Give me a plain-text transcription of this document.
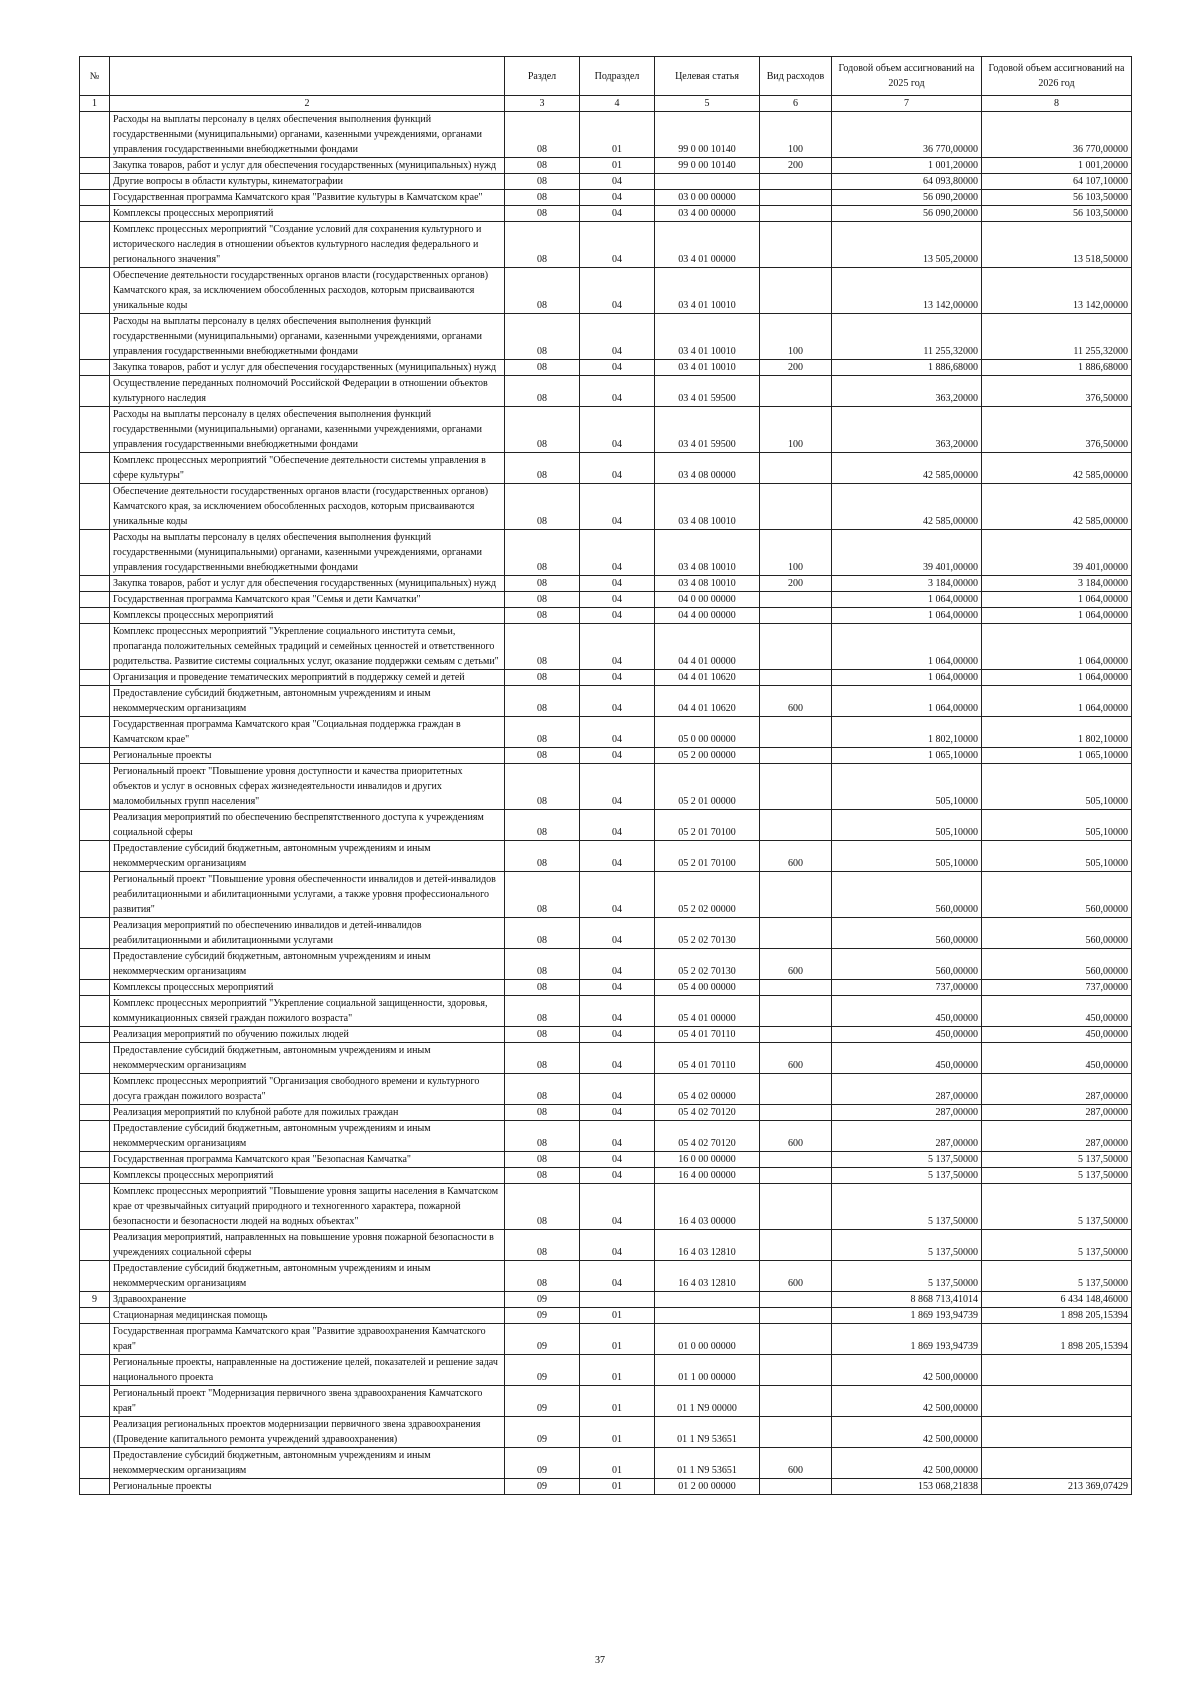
№		Раздел	Подраздел	Целевая статья	Вид расходов	Годовой объем ассигнований на 2025 год	Годовой объем ассигнований на 2026 год
1	2	3	4	5	6	7	8
	Расходы на выплаты персоналу в целях обеспечения выполнения функций государственными (муниципальными) органами, казенными учреждениями, органами управления государственными внебюджетными фондами	08	01	99 0 00 10140	100	36 770,00000	36 770,00000
	Закупка товаров, работ и услуг для обеспечения государственных (муниципальных) нужд	08	01	99 0 00 10140	200	1 001,20000	1 001,20000
	Другие вопросы в области культуры, кинематографии	08	04			64 093,80000	64 107,10000
	Государственная программа Камчатского края "Развитие культуры в Камчатском крае"	08	04	03 0 00 00000		56 090,20000	56 103,50000
	Комплексы процессных мероприятий	08	04	03 4 00 00000		56 090,20000	56 103,50000
	Комплекс процессных мероприятий "Создание условий для сохранения культурного и исторического наследия в отношении объектов культурного наследия федерального и регионального значения"	08	04	03 4 01 00000		13 505,20000	13 518,50000
	Обеспечение деятельности государственных органов власти (государственных органов) Камчатского края, за исключением обособленных расходов, которым присваиваются уникальные коды	08	04	03 4 01 10010		13 142,00000	13 142,00000
	Расходы на выплаты персоналу в целях обеспечения выполнения функций государственными (муниципальными) органами, казенными учреждениями, органами управления государственными внебюджетными фондами	08	04	03 4 01 10010	100	11 255,32000	11 255,32000
	Закупка товаров, работ и услуг для обеспечения государственных (муниципальных) нужд	08	04	03 4 01 10010	200	1 886,68000	1 886,68000
	Осуществление переданных полномочий Российской Федерации в отношении объектов культурного наследия	08	04	03 4 01 59500		363,20000	376,50000
	Расходы на выплаты персоналу в целях обеспечения выполнения функций государственными (муниципальными) органами, казенными учреждениями, органами управления государственными внебюджетными фондами	08	04	03 4 01 59500	100	363,20000	376,50000
	Комплекс процессных мероприятий "Обеспечение деятельности системы управления в сфере культуры"	08	04	03 4 08 00000		42 585,00000	42 585,00000
	Обеспечение деятельности государственных органов власти (государственных органов) Камчатского края, за исключением обособленных расходов, которым присваиваются уникальные коды	08	04	03 4 08 10010		42 585,00000	42 585,00000
	Расходы на выплаты персоналу в целях обеспечения выполнения функций государственными (муниципальными) органами, казенными учреждениями, органами управления государственными внебюджетными фондами	08	04	03 4 08 10010	100	39 401,00000	39 401,00000
	Закупка товаров, работ и услуг для обеспечения государственных (муниципальных) нужд	08	04	03 4 08 10010	200	3 184,00000	3 184,00000
	Государственная программа Камчатского края "Семья и дети Камчатки"	08	04	04 0 00 00000		1 064,00000	1 064,00000
	Комплексы процессных мероприятий	08	04	04 4 00 00000		1 064,00000	1 064,00000
	Комплекс процессных мероприятий "Укрепление социального института семьи, пропаганда положительных семейных традиций и семейных ценностей и ответственного родительства. Развитие системы социальных услуг, оказание поддержки семьям с детьми"	08	04	04 4 01 00000		1 064,00000	1 064,00000
	Организация и проведение тематических мероприятий в поддержку семей и детей	08	04	04 4 01 10620		1 064,00000	1 064,00000
	Предоставление субсидий бюджетным, автономным учреждениям и иным некоммерческим организациям	08	04	04 4 01 10620	600	1 064,00000	1 064,00000
	Государственная программа Камчатского края "Социальная поддержка граждан в Камчатском крае"	08	04	05 0 00 00000		1 802,10000	1 802,10000
	Региональные проекты	08	04	05 2 00 00000		1 065,10000	1 065,10000
	Региональный проект "Повышение уровня доступности и качества приоритетных объектов и услуг в основных сферах жизнедеятельности инвалидов и других маломобильных групп населения"	08	04	05 2 01 00000		505,10000	505,10000
	Реализация мероприятий по обеспечению беспрепятственного доступа к учреждениям социальной сферы	08	04	05 2 01 70100		505,10000	505,10000
	Предоставление субсидий бюджетным, автономным учреждениям и иным некоммерческим организациям	08	04	05 2 01 70100	600	505,10000	505,10000
	Региональный проект "Повышение уровня обеспеченности инвалидов и детей-инвалидов реабилитационными и абилитационными услугами, а также уровня профессионального развития"	08	04	05 2 02 00000		560,00000	560,00000
	Реализация мероприятий по обеспечению инвалидов и детей-инвалидов реабилитационными и абилитационными услугами	08	04	05 2 02 70130		560,00000	560,00000
	Предоставление субсидий бюджетным, автономным учреждениям и иным некоммерческим организациям	08	04	05 2 02 70130	600	560,00000	560,00000
	Комплексы процессных мероприятий	08	04	05 4 00 00000		737,00000	737,00000
	Комплекс процессных мероприятий "Укрепление социальной защищенности, здоровья, коммуникационных связей граждан пожилого возраста"	08	04	05 4 01 00000		450,00000	450,00000
	Реализация мероприятий по обучению пожилых людей	08	04	05 4 01 70110		450,00000	450,00000
	Предоставление субсидий бюджетным, автономным учреждениям и иным некоммерческим организациям	08	04	05 4 01 70110	600	450,00000	450,00000
	Комплекс процессных мероприятий "Организация свободного времени и культурного досуга граждан пожилого возраста"	08	04	05 4 02 00000		287,00000	287,00000
	Реализация мероприятий по клубной работе для пожилых граждан	08	04	05 4 02 70120		287,00000	287,00000
	Предоставление субсидий бюджетным, автономным учреждениям и иным некоммерческим организациям	08	04	05 4 02 70120	600	287,00000	287,00000
	Государственная программа Камчатского края "Безопасная Камчатка"	08	04	16 0 00 00000		5 137,50000	5 137,50000
	Комплексы процессных мероприятий	08	04	16 4 00 00000		5 137,50000	5 137,50000
	Комплекс процессных мероприятий "Повышение уровня защиты населения в Камчатском крае от чрезвычайных ситуаций природного и техногенного характера, пожарной безопасности и безопасности людей на водных объектах"	08	04	16 4 03 00000		5 137,50000	5 137,50000
	Реализация мероприятий, направленных на повышение уровня пожарной безопасности в учреждениях социальной сферы	08	04	16 4 03 12810		5 137,50000	5 137,50000
	Предоставление субсидий бюджетным, автономным учреждениям и иным некоммерческим организациям	08	04	16 4 03 12810	600	5 137,50000	5 137,50000
9	Здравоохранение	09				8 868 713,41014	6 434 148,46000
	Стационарная медицинская помощь	09	01			1 869 193,94739	1 898 205,15394
	Государственная программа Камчатского края "Развитие здравоохранения Камчатского края"	09	01	01 0 00 00000		1 869 193,94739	1 898 205,15394
	Региональные проекты, направленные на достижение целей, показателей и решение задач национального проекта	09	01	01 1 00 00000		42 500,00000	
	Региональный проект "Модернизация первичного звена здравоохранения Камчатского края"	09	01	01 1 N9 00000		42 500,00000	
	Реализация региональных проектов модернизации первичного звена здравоохранения (Проведение капитального ремонта учреждений здравоохранения)	09	01	01 1 N9 53651		42 500,00000	
	Предоставление субсидий бюджетным, автономным учреждениям и иным некоммерческим организациям	09	01	01 1 N9 53651	600	42 500,00000	
	Региональные проекты	09	01	01 2 00 00000		153 068,21838	213 369,07429
37
